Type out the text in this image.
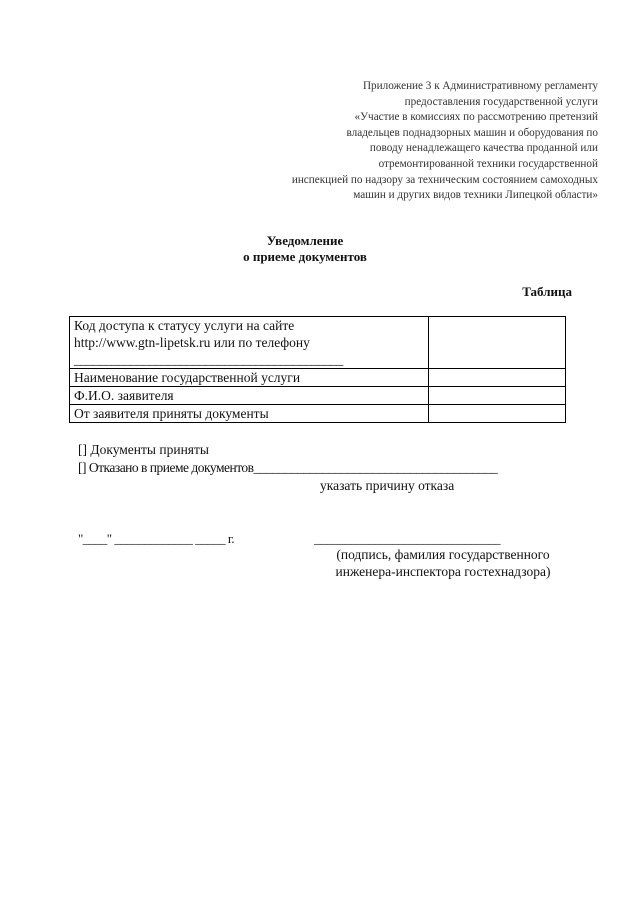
Приложение 3 к Административному регламенту
предоставления государственной услуги
«Участие в комиссиях по рассмотрению претензий
владельцев поднадзорных машин и оборудования по
поводу ненадлежащего качества проданной или
отремонтированной техники государственной
инспекцией по надзору за техническим состоянием самоходных
машин и других видов техники Липецкой области»
Уведомление
о приеме документов
Таблица
Код доступа к статусу услуги на сайте
http://www.gtn-lipetsk.ru или по телефону
___________________________________________	

Наименование государственной услуги	
Ф.И.О. заявителя	
От заявителя приняты документы	
[] Документы приняты
[] Отказано в приеме документов_______________________________________
указать причину отказа
"____" _____________ _____ г.	_______________________________
(подпись, фамилия государственного
инженера-инспектора гостехнадзора)
